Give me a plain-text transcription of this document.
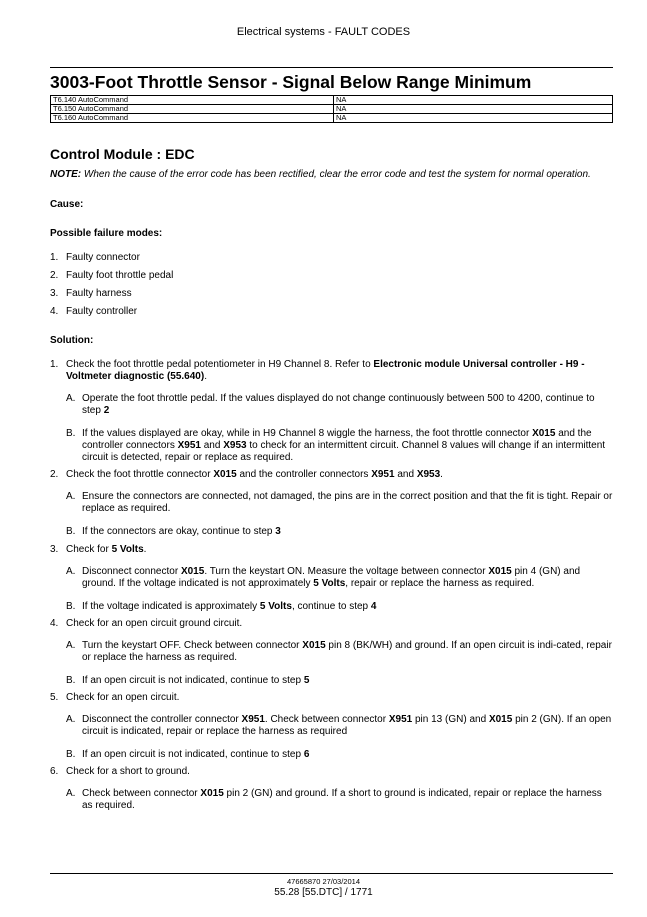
Electrical systems - FAULT CODES
3003-Foot Throttle Sensor - Signal Below Range Minimum
T6.140 AutoCommand	NA
T6.150 AutoCommand	NA
T6.160 AutoCommand	NA
Control Module : EDC

NOTE: When the cause of the error code has been rectified, clear the error code and test the system for normal operation.

Cause:

Possible failure modes:

1. Faulty connector
2. Faulty foot throttle pedal
3. Faulty harness
4. Faulty controller

Solution:

1. Check the foot throttle pedal potentiometer in H9 Channel 8. Refer to Electronic module Universal controller - H9 - Voltmeter diagnostic (55.640).
A. Operate the foot throttle pedal. If the values displayed do not change continuously between 500 to 4200, continue to step 2
B. If the values displayed are okay, while in H9 Channel 8 wiggle the harness, the foot throttle connector X015 and the controller connectors X951 and X953 to check for an intermittent circuit. Channel 8 values will change if an intermittent circuit is detected, repair or replace as required.
2. Check the foot throttle connector X015 and the controller connectors X951 and X953.
A. Ensure the connectors are connected, not damaged, the pins are in the correct position and that the fit is tight. Repair or replace as required.
B. If the connectors are okay, continue to step 3
3. Check for 5 Volts.
A. Disconnect connector X015. Turn the keystart ON. Measure the voltage between connector X015 pin 4 (GN) and ground. If the voltage indicated is not approximately 5 Volts, repair or replace the harness as required.
B. If the voltage indicated is approximately 5 Volts, continue to step 4
4. Check for an open circuit ground circuit.
A. Turn the keystart OFF. Check between connector X015 pin 8 (BK/WH) and ground. If an open circuit is indi-cated, repair or replace the harness as required.
B. If an open circuit is not indicated, continue to step 5
5. Check for an open circuit.
A. Disconnect the controller connector X951. Check between connector X951 pin 13 (GN) and X015 pin 2 (GN). If an open circuit is indicated, repair or replace the harness as required
B. If an open circuit is not indicated, continue to step 6
6. Check for a short to ground.
A. Check between connector X015 pin 2 (GN) and ground. If a short to ground is indicated, repair or replace the harness as required.
47665870 27/03/2014
55.28 [55.DTC] / 1771
